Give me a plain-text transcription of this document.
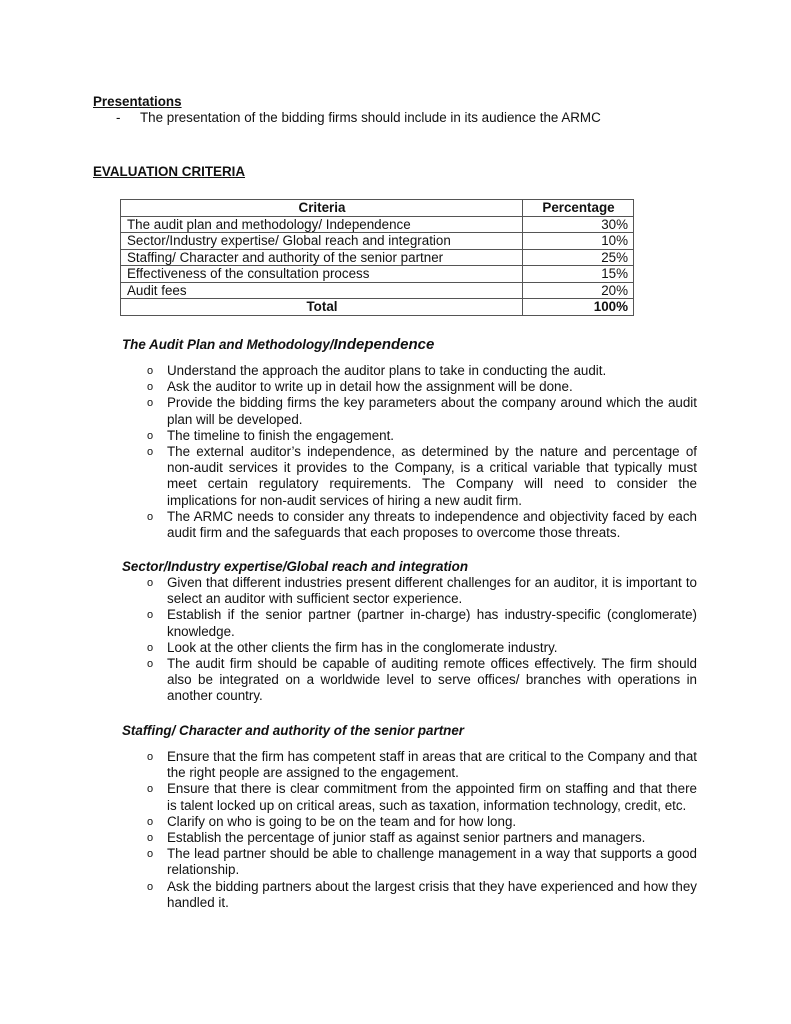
Presentations
-	The presentation of the bidding firms should include in its audience the ARMC
EVALUATION CRITERIA
Criteria	Percentage
The audit plan and methodology/ Independence	30%
Sector/Industry expertise/ Global reach and integration	10%
Staffing/ Character and authority of the senior partner	25%
Effectiveness of the consultation process	15%
Audit fees	20%
Total	100%
The Audit Plan and Methodology/Independence
o Understand the approach the auditor plans to take in conducting the audit.
o Ask the auditor to write up in detail how the assignment will be done.
o Provide the bidding firms the key parameters about the company around which the audit plan will be developed.
o The timeline to finish the engagement.
o The external auditor’s independence, as determined by the nature and percentage of non-audit services it provides to the Company, is a critical variable that typically must meet certain regulatory requirements. The Company will need to consider the implications for non-audit services of hiring a new audit firm.
o The ARMC needs to consider any threats to independence and objectivity faced by each audit firm and the safeguards that each proposes to overcome those threats.
Sector/Industry expertise/Global reach and integration
o Given that different industries present different challenges for an auditor, it is important to select an auditor with sufficient sector experience.
o Establish if the senior partner (partner in-charge) has industry-specific (conglomerate) knowledge.
o Look at the other clients the firm has in the conglomerate industry.
o The audit firm should be capable of auditing remote offices effectively. The firm should also be integrated on a worldwide level to serve offices/ branches with operations in another country.
Staffing/ Character and authority of the senior partner
o Ensure that the firm has competent staff in areas that are critical to the Company and that the right people are assigned to the engagement.
o Ensure that there is clear commitment from the appointed firm on staffing and that there is talent locked up on critical areas, such as taxation, information technology, credit, etc.
o Clarify on who is going to be on the team and for how long.
o Establish the percentage of junior staff as against senior partners and managers.
o The lead partner should be able to challenge management in a way that supports a good relationship.
o Ask the bidding partners about the largest crisis that they have experienced and how they handled it.
